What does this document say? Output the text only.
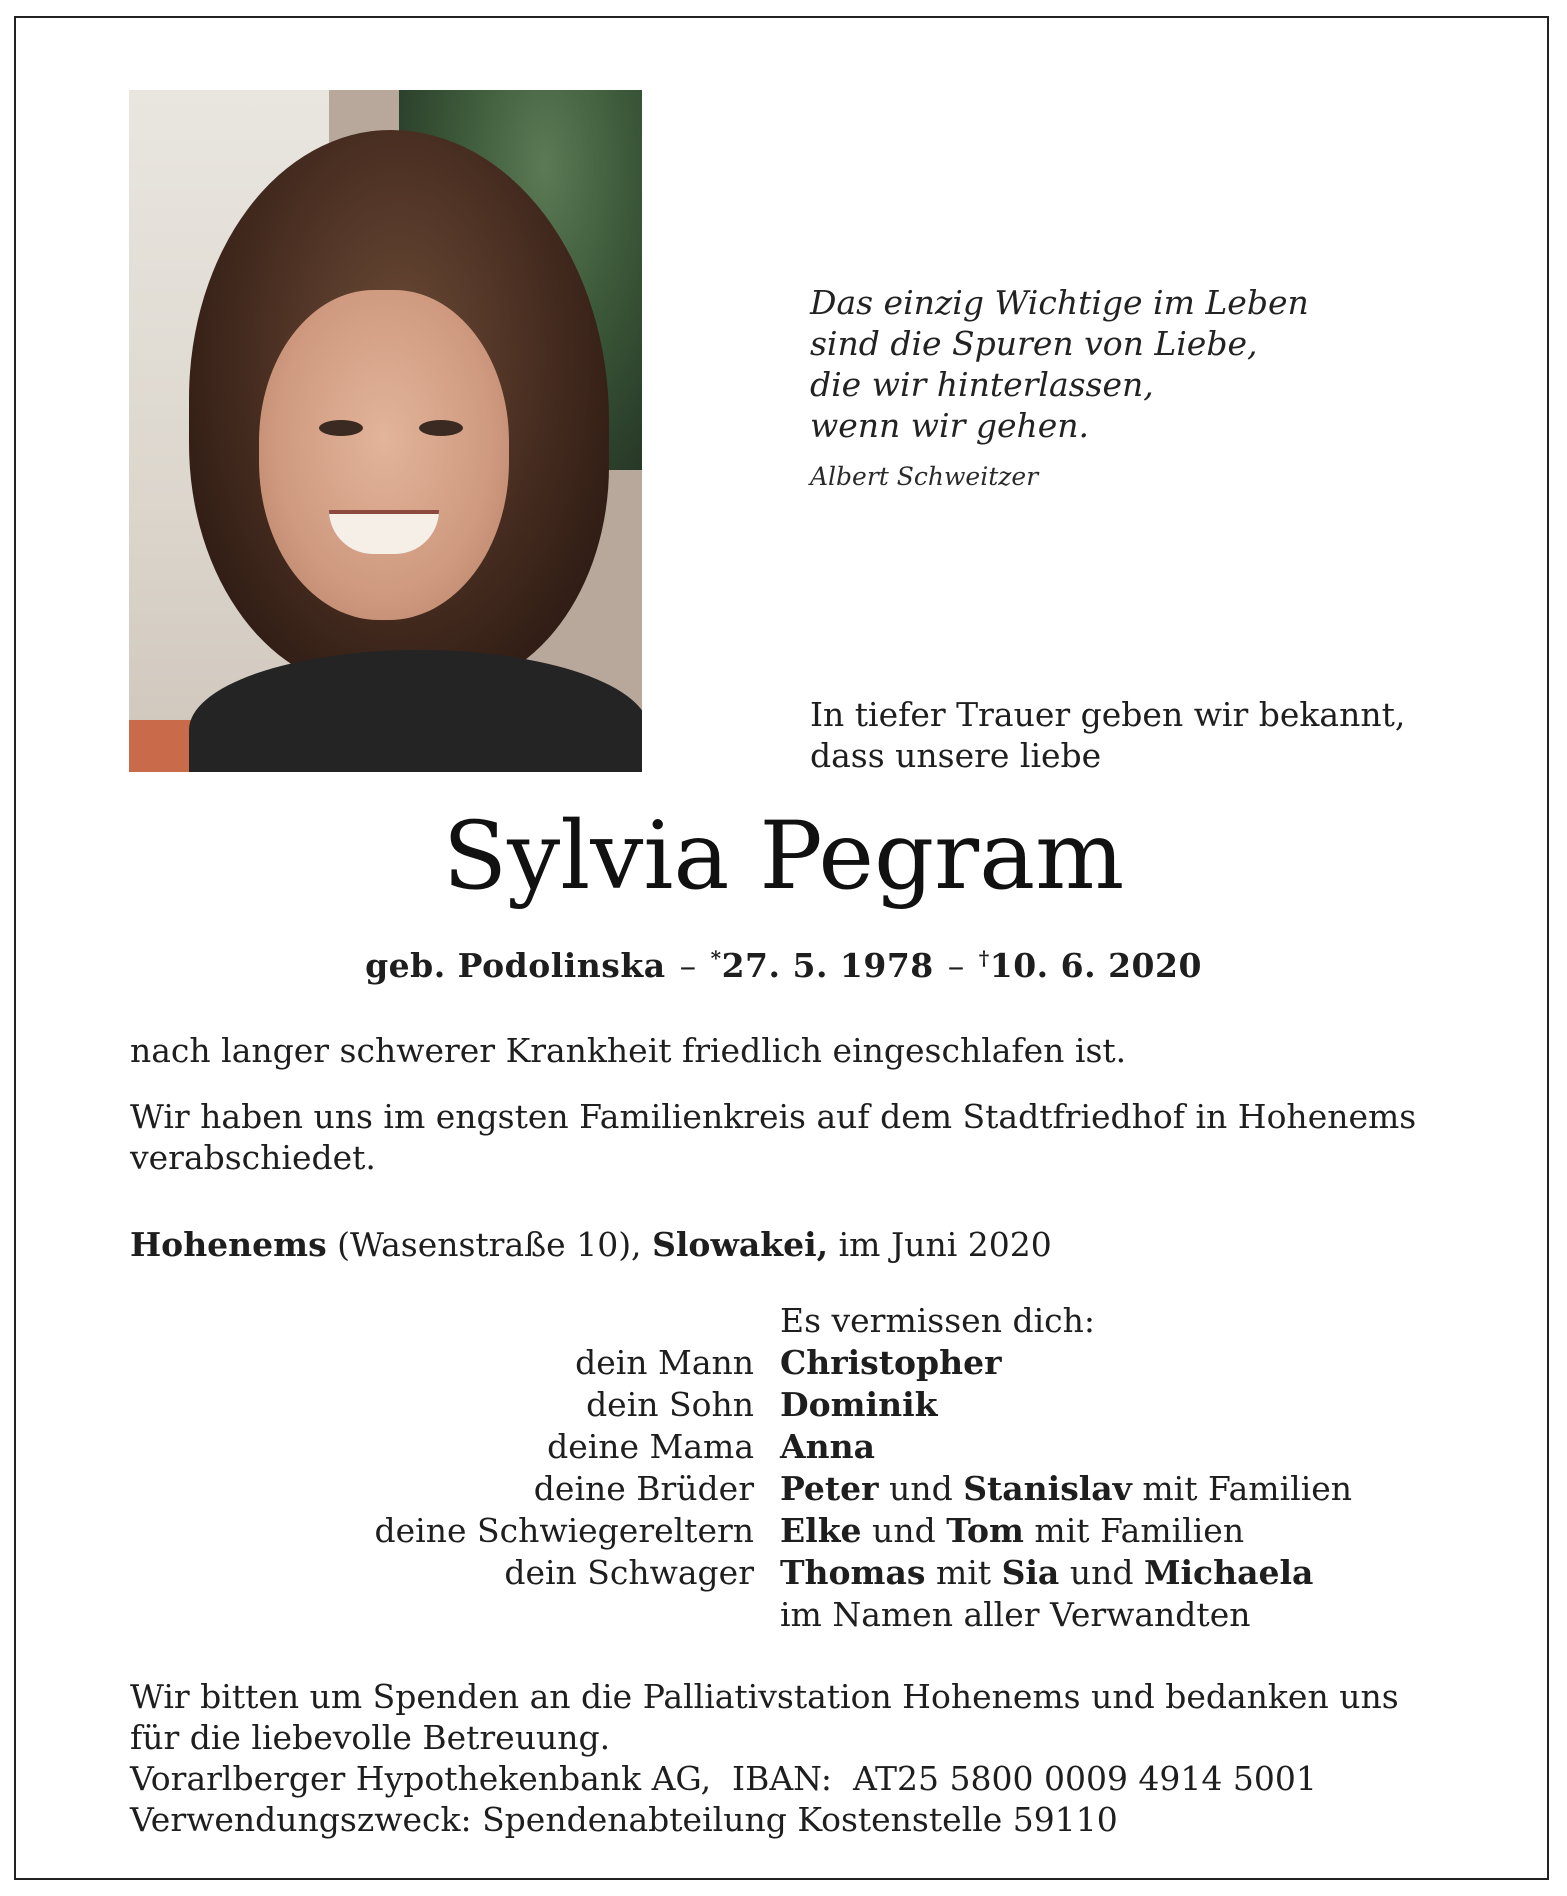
Das einzig Wichtige im Leben
sind die Spuren von Liebe,
die wir hinterlassen,
wenn wir gehen.
Albert Schweitzer
In tiefer Trauer geben wir bekannt,
dass unsere liebe
Sylvia Pegram
geb. Podolinska – *27. 5. 1978 – †10. 6. 2020
nach langer schwerer Krankheit friedlich eingeschlafen ist.
Wir haben uns im engsten Familienkreis auf dem Stadtfriedhof in Hohenems verabschiedet.
Hohenems (Wasenstraße 10), Slowakei, im Juni 2020
Es vermissen dich:
dein Mann Christopher
dein Sohn Dominik
deine Mama Anna
deine Brüder Peter und Stanislav mit Familien
deine Schwiegereltern Elke und Tom mit Familien
dein Schwager Thomas mit Sia und Michaela
im Namen aller Verwandten
Wir bitten um Spenden an die Palliativstation Hohenems und bedanken uns
für die liebevolle Betreuung.
Vorarlberger Hypothekenbank AG,  IBAN:  AT25 5800 0009 4914 5001
Verwendungszweck: Spendenabteilung Kostenstelle 59110
